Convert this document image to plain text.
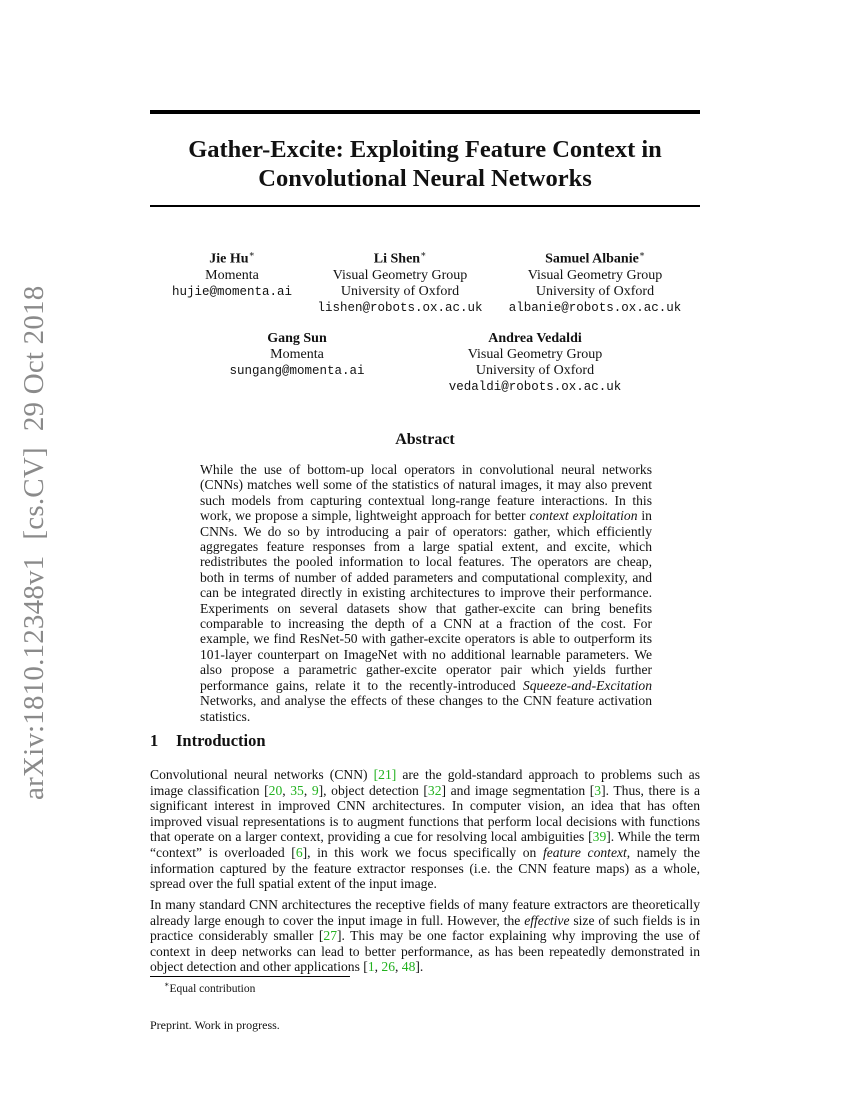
arXiv:1810.12348v1[cs.CV]29 Oct 2018
Gather-Excite: Exploiting Feature Context in Convolutional Neural Networks
Jie Hu∗
Momenta
hujie@momenta.ai
Li Shen∗
Visual Geometry Group
University of Oxford
lishen@robots.ox.ac.uk
Samuel Albanie∗
Visual Geometry Group
University of Oxford
albanie@robots.ox.ac.uk
Gang Sun
Momenta
sungang@momenta.ai
Andrea Vedaldi
Visual Geometry Group
University of Oxford
vedaldi@robots.ox.ac.uk
Abstract

While the use of bottom-up local operators in convolutional neural networks (CNNs) matches well some of the statistics of natural images, it may also prevent such models from capturing contextual long-range feature interactions. In this work, we propose a simple, lightweight approach for better context exploitation in CNNs. We do so by introducing a pair of operators: gather, which efficiently aggregates feature responses from a large spatial extent, and excite, which redistributes the pooled information to local features. The operators are cheap, both in terms of number of added parameters and computational complexity, and can be integrated directly in existing architectures to improve their performance. Experiments on several datasets show that gather-excite can bring benefits comparable to increasing the depth of a CNN at a fraction of the cost. For example, we find ResNet-50 with gather-excite operators is able to outperform its 101-layer counterpart on ImageNet with no additional learnable parameters. We also propose a parametric gather-excite operator pair which yields further performance gains, relate it to the recently-introduced Squeeze-and-Excitation Networks, and analyse the effects of these changes to the CNN feature activation statistics.

1 Introduction

Convolutional neural networks (CNN) [21] are the gold-standard approach to problems such as image classification [20, 35, 9], object detection [32] and image segmentation [3]. Thus, there is a significant interest in improved CNN architectures. In computer vision, an idea that has often improved visual representations is to augment functions that perform local decisions with functions that operate on a larger context, providing a cue for resolving local ambiguities [39]. While the term “context” is overloaded [6], in this work we focus specifically on feature context, namely the information captured by the feature extractor responses (i.e. the CNN feature maps) as a whole, spread over the full spatial extent of the input image.

In many standard CNN architectures the receptive fields of many feature extractors are theoretically already large enough to cover the input image in full. However, the effective size of such fields is in practice considerably smaller [27]. This may be one factor explaining why improving the use of context in deep networks can lead to better performance, as has been repeatedly demonstrated in object detection and other applications [1, 26, 48].

∗Equal contribution

Preprint. Work in progress.
